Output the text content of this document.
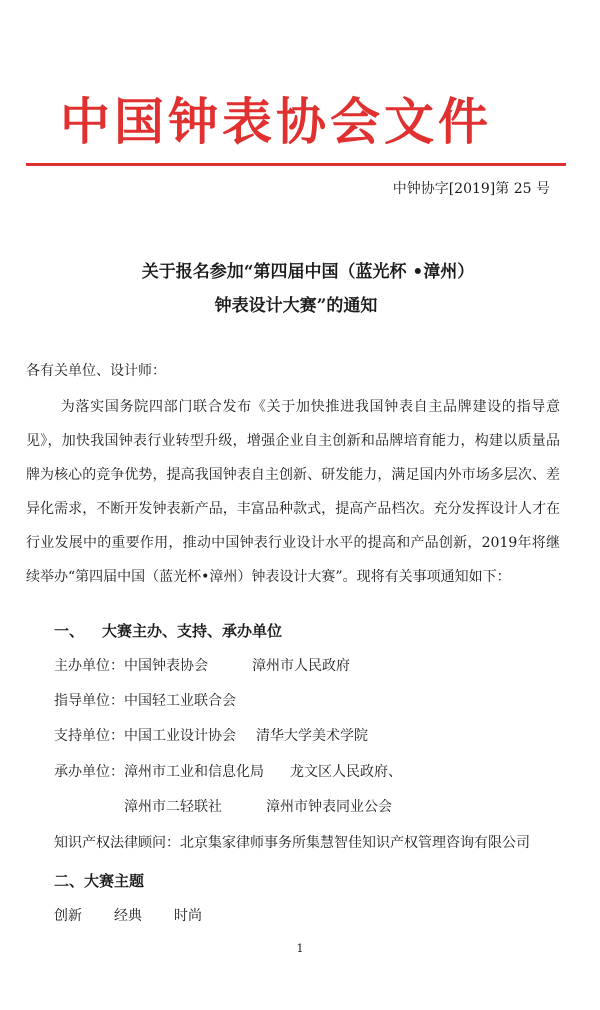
中国钟表协会文件
中钟协字[2019]第 25 号
关于报名参加“第四届中国（蓝光杯 •漳州）
钟表设计大赛”的通知
各有关单位、设计师：
为落实国务院四部门联合发布《关于加快推进我国钟表自主品牌建设的指导意见》，加快我国钟表行业转型升级，增强企业自主创新和品牌培育能力，构建以质量品牌为核心的竞争优势，提高我国钟表自主创新、研发能力，满足国内外市场多层次、差异化需求，不断开发钟表新产品，丰富品种款式，提高产品档次。充分发挥设计人才在行业发展中的重要作用，推动中国钟表行业设计水平的提高和产品创新，2019年将继续举办“第四届中国（蓝光杯•漳州）钟表设计大赛”。现将有关事项通知如下：
一、 大赛主办、支持、承办单位
主办单位：中国钟表协会	漳州市人民政府
指导单位：中国轻工业联合会
支持单位：中国工业设计协会 清华大学美术学院
承办单位：漳州市工业和信息化局 龙文区人民政府、
漳州市二轻联社	漳州市钟表同业公会
知识产权法律顾问：北京集家律师事务所集慧智佳知识产权管理咨询有限公司
二、大赛主题
创新 经典 时尚
1
